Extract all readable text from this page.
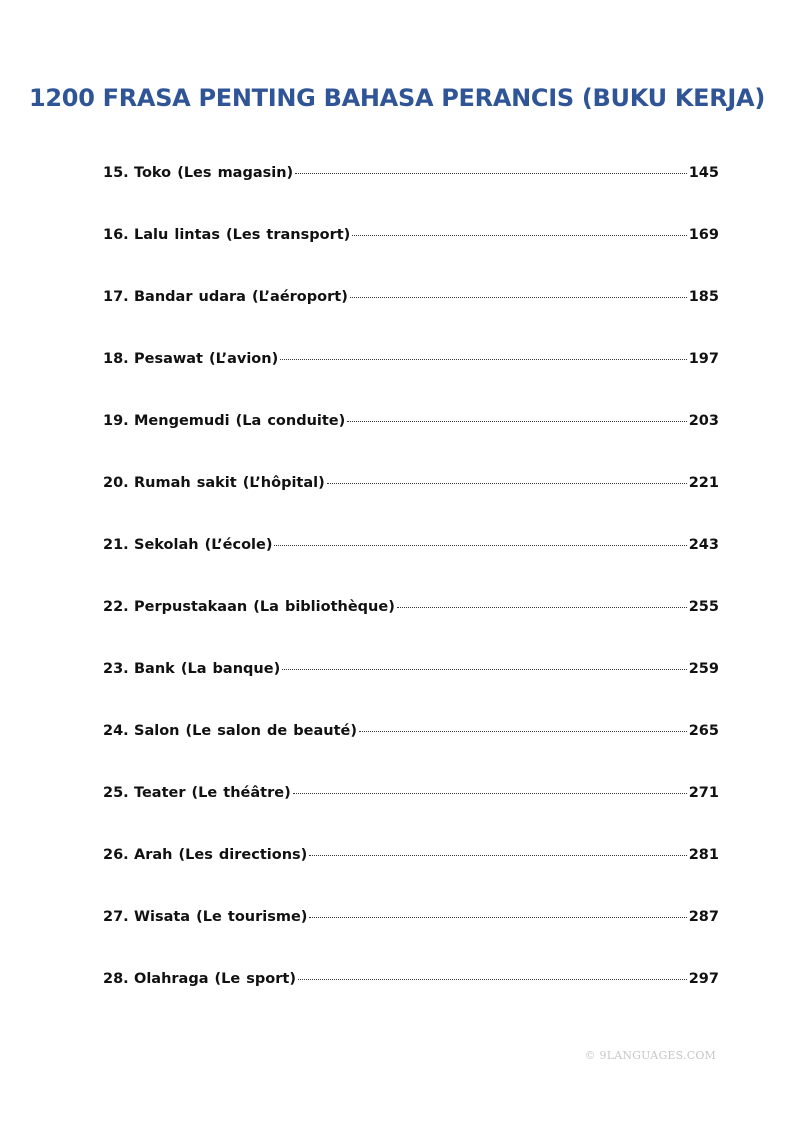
1200 FRASA PENTING BAHASA PERANCIS (BUKU KERJA)
15. Toko (Les magasin)	145
16. Lalu lintas (Les transport)	169
17. Bandar udara (L’aéroport)	185
18. Pesawat (L’avion)	197
19. Mengemudi (La conduite)	203
20. Rumah sakit (L’hôpital)	221
21. Sekolah (L’école)	243
22. Perpustakaan (La bibliothèque)	255
23. Bank (La banque)	259
24. Salon (Le salon de beauté)	265
25. Teater (Le théâtre)	271
26. Arah (Les directions)	281
27. Wisata (Le tourisme)	287
28. Olahraga (Le sport)	297
© 9LANGUAGES.COM
